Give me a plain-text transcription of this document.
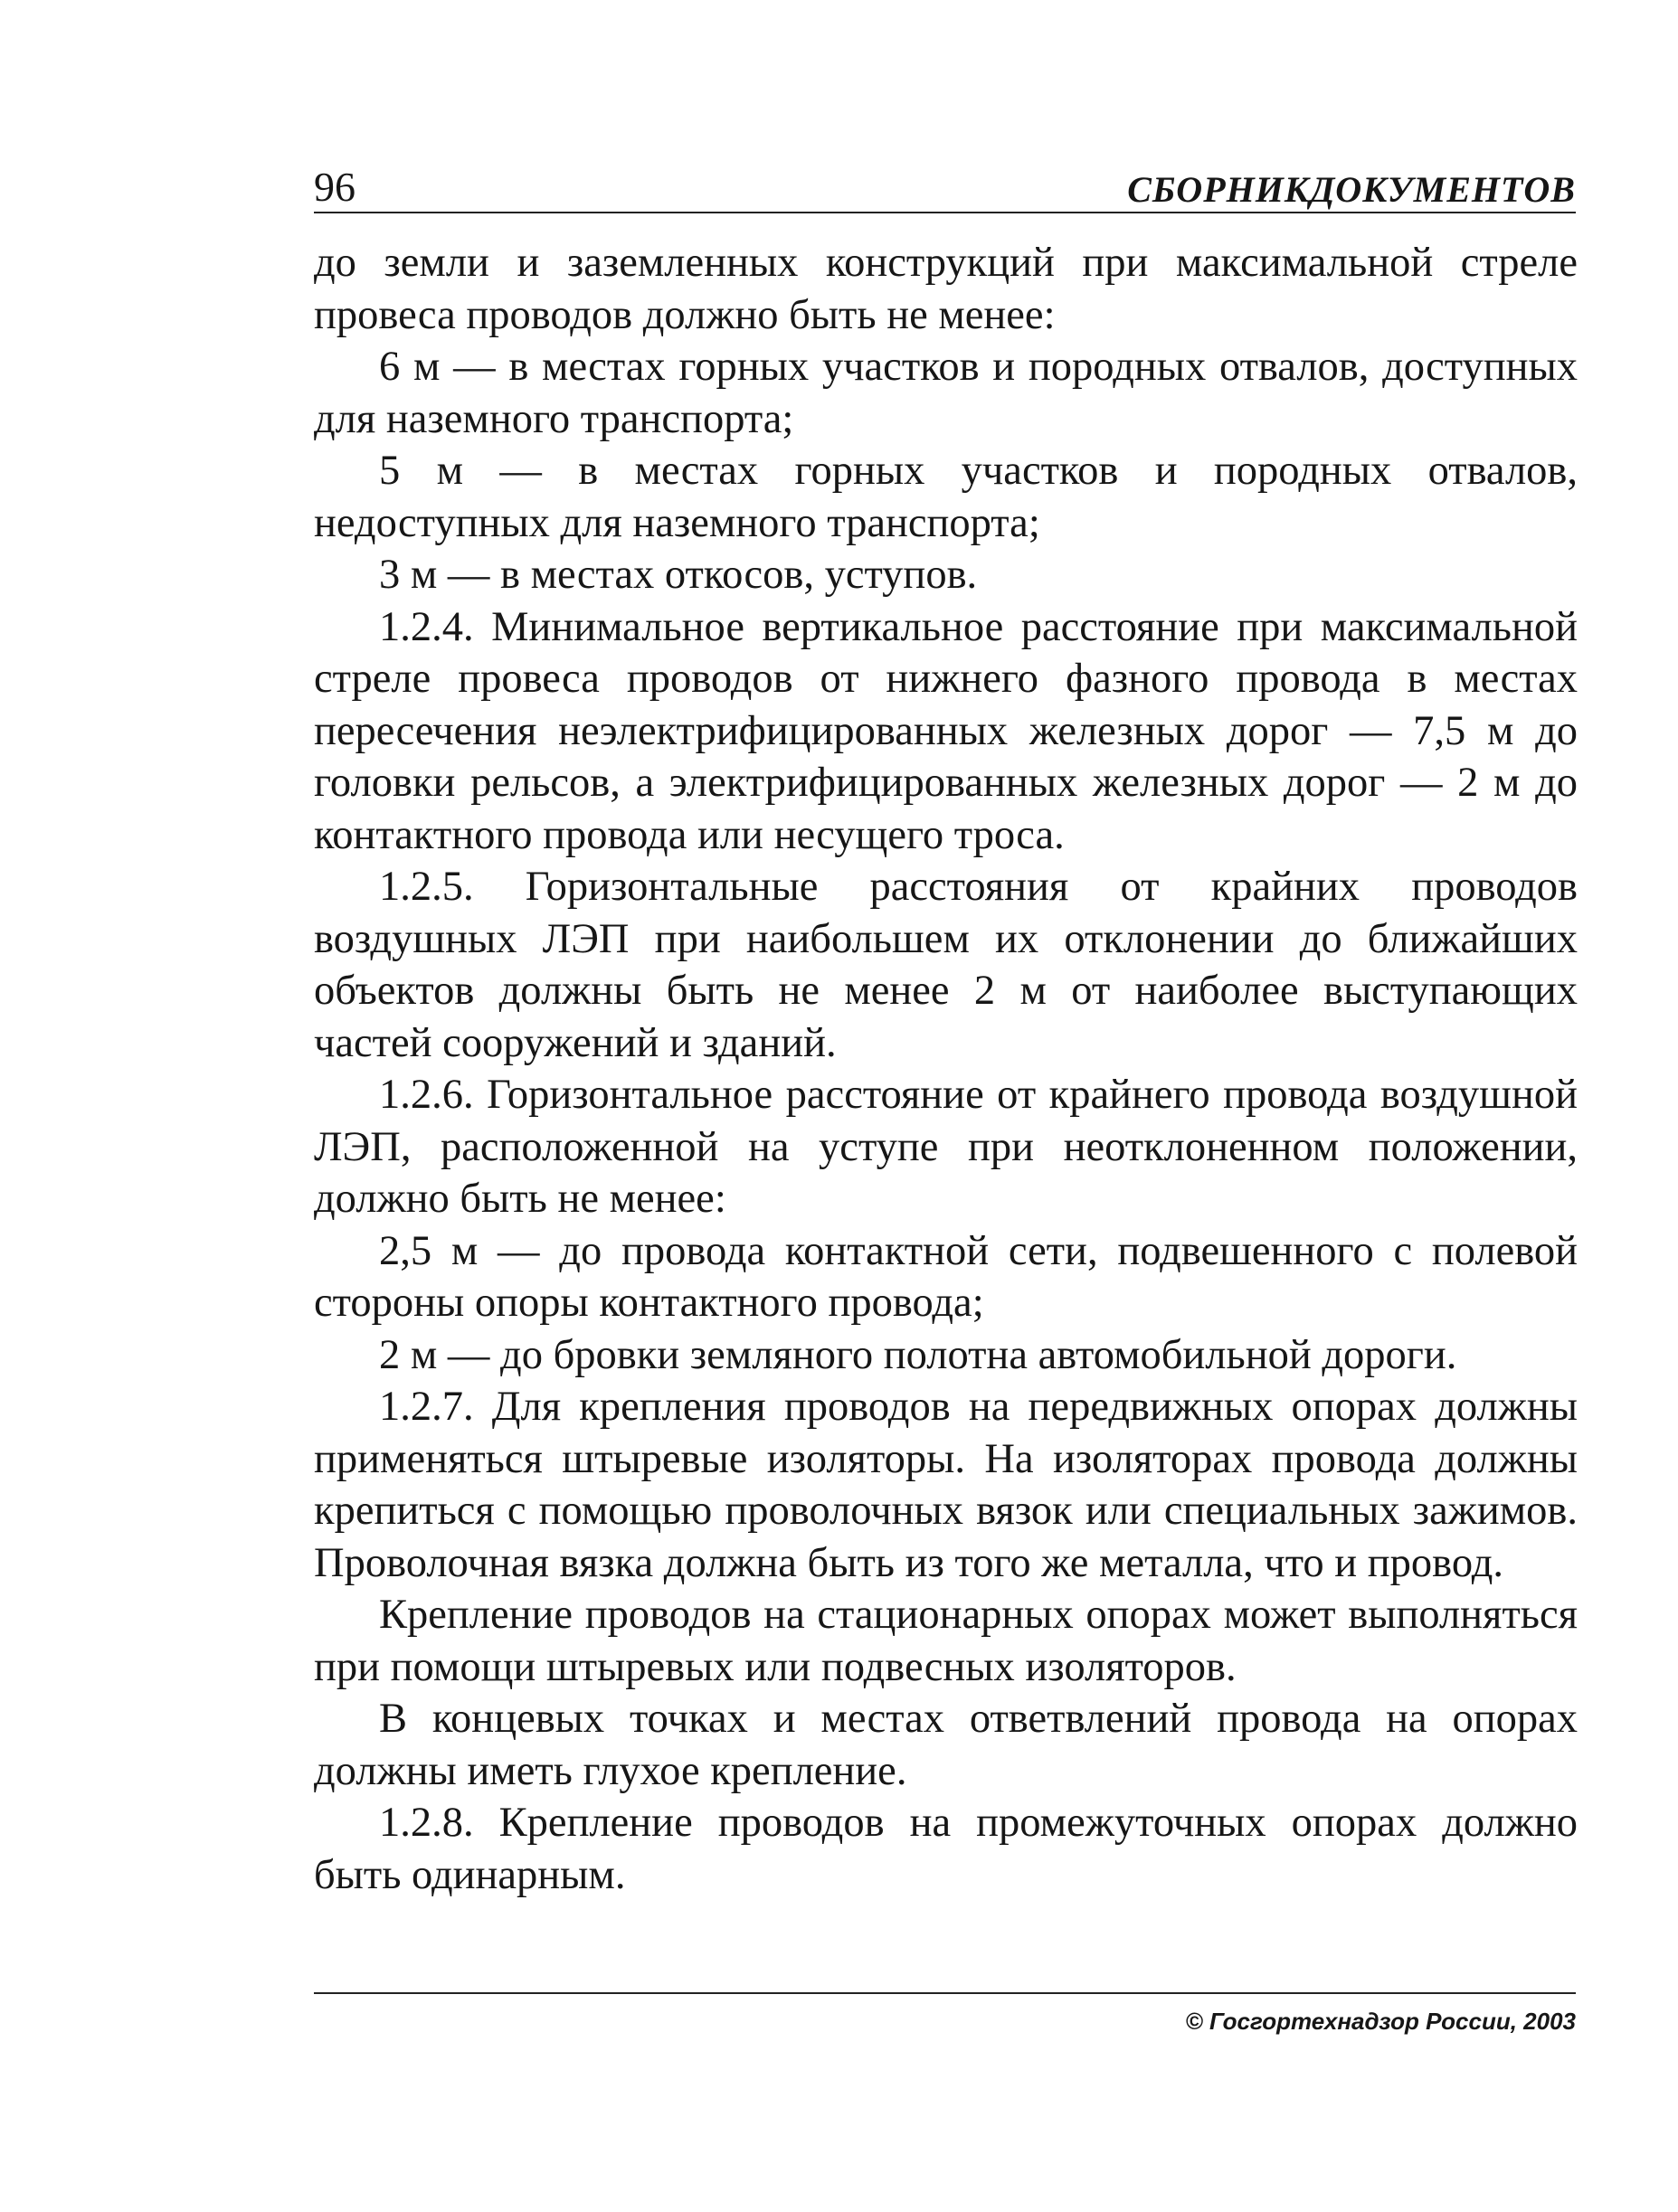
96	СБОРНИКДОКУМЕНТОВ

до земли и заземленных конструкций при максимальной стреле провеса проводов должно быть не менее:

6 м — в местах горных участков и породных отвалов, доступных для наземного транспорта;

5 м — в местах горных участков и породных отвалов, недоступных для наземного транспорта;

3 м — в местах откосов, уступов.

1.2.4. Минимальное вертикальное расстояние при максимальной стреле провеса проводов от нижнего фазного провода в местах пересечения неэлектрифицированных железных дорог — 7,5 м до головки рельсов, а электрифицированных железных дорог — 2 м до контактного провода или несущего троса.

1.2.5. Горизонтальные расстояния от крайних проводов воздушных ЛЭП при наибольшем их отклонении до ближайших объектов должны быть не менее 2 м от наиболее выступающих частей сооружений и зданий.

1.2.6. Горизонтальное расстояние от крайнего провода воздушной ЛЭП, расположенной на уступе при неотклоненном положении, должно быть не менее:

2,5 м — до провода контактной сети, подвешенного с полевой стороны опоры контактного провода;

2 м — до бровки земляного полотна автомобильной дороги.

1.2.7. Для крепления проводов на передвижных опорах должны применяться штыревые изоляторы. На изоляторах провода должны крепиться с помощью проволочных вязок или специальных зажимов. Проволочная вязка должна быть из того же металла, что и провод.

Крепление проводов на стационарных опорах может выполняться при помощи штыревых или подвесных изоляторов.

В концевых точках и местах ответвлений провода на опорах должны иметь глухое крепление.

1.2.8. Крепление проводов на промежуточных опорах должно быть одинарным.

© Госгортехнадзор России, 2003
